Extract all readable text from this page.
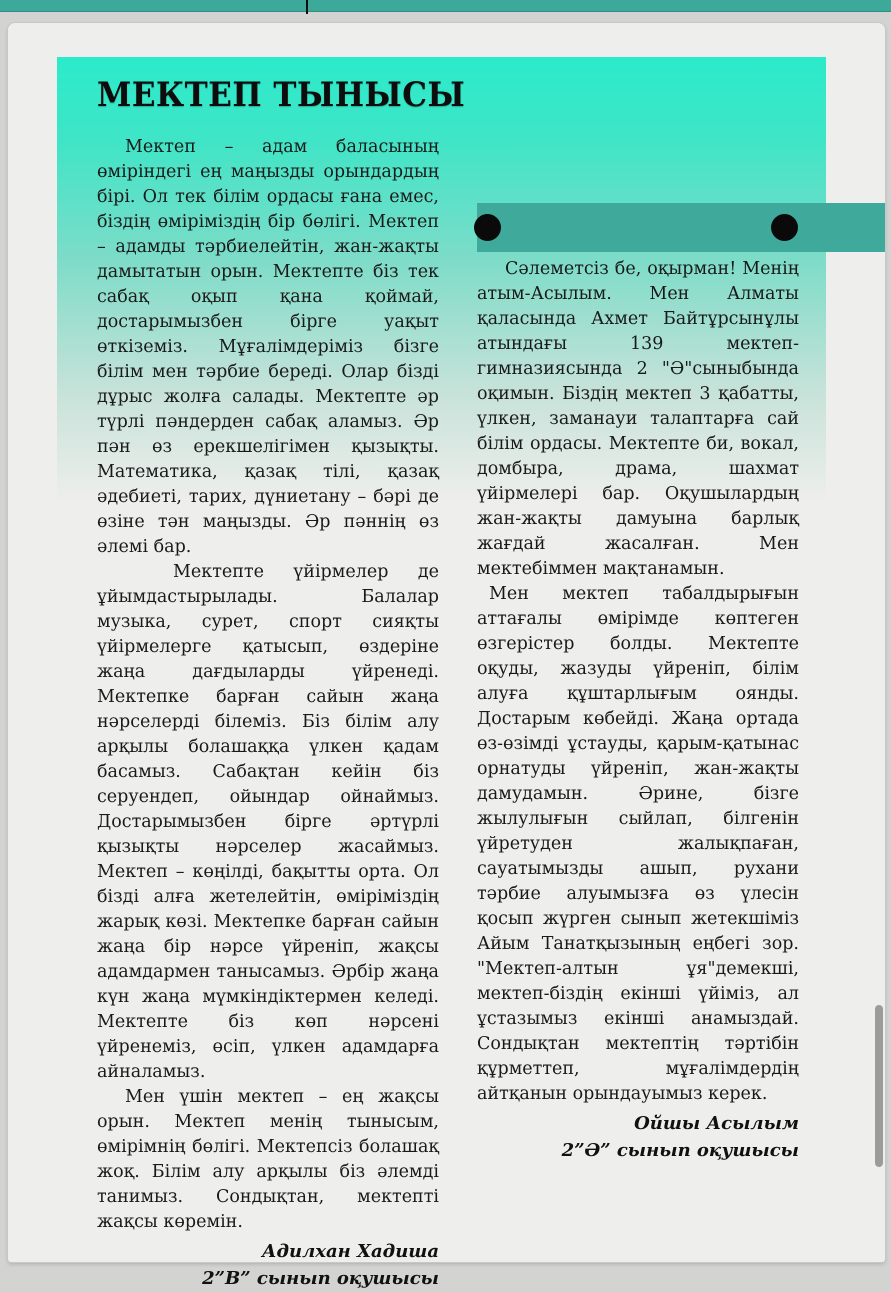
МЕКТЕП ТЫНЫСЫ

Мектеп – адам баласының өміріндегі ең маңызды орындардың бірі. Ол тек білім ордасы ғана емес, біздің өміріміздің бір бөлігі. Мектеп – адамды тәрбиелейтін, жан-жақты дамытатын орын. Мектепте біз тек сабақ оқып қана қоймай, достарымызбен бірге уақыт өткіземіз. Мұғалімдеріміз бізге білім мен тәрбие береді. Олар бізді дұрыс жолға салады. Мектепте әр түрлі пәндерден сабақ аламыз. Әр пән өз ерекшелігімен қызықты. Математика, қазақ тілі, қазақ әдебиеті, тарих, дүниетану – бәрі де өзіне тән маңызды. Әр пәннің өз әлемі бар.

Мектепте үйірмелер де ұйымдастырылады. Балалар музыка, сурет, спорт сияқты үйірмелерге қатысып, өздеріне жаңа дағдыларды үйренеді. Мектепке барған сайын жаңа нәрселерді білеміз. Біз білім алу арқылы болашаққа үлкен қадам басамыз. Сабақтан кейін біз серуендеп, ойындар ойнаймыз. Достарымызбен бірге әртүрлі қызықты нәрселер жасаймыз. Мектеп – көңілді, бақытты орта. Ол бізді алға жетелейтін, өміріміздің жарық көзі. Мектепке барған сайын жаңа бір нәрсе үйреніп, жақсы адамдармен танысамыз. Әрбір жаңа күн жаңа мүмкіндіктермен келеді. Мектепте біз көп нәрсені үйренеміз, өсіп, үлкен адамдарға айналамыз.

Мен үшін мектеп – ең жақсы орын. Мектеп менің тынысым, өмірімнің бөлігі. Мектепсіз болашақ жоқ. Білім алу арқылы біз әлемді танимыз. Сондықтан, мектепті жақсы көремін.

Адилхан Хадиша
2”В” сынып оқушысы

Сәлеметсіз бе, оқырман! Менің атым-Асылым. Мен Алматы қаласында Ахмет Байтұрсынұлы атындағы 139 мектеп-гимназиясында 2 "Ә"сыныбында оқимын. Біздің мектеп 3 қабатты, үлкен, заманауи талаптарға сай білім ордасы. Мектепте би, вокал, домбыра, драма, шахмат үйірмелері бар. Оқушылардың жан-жақты дамуына барлық жағдай жасалған. Мен мектебіммен мақтанамын.

Мен мектеп табалдырығын аттағалы өмірімде көптеген өзгерістер болды. Мектепте оқуды, жазуды үйреніп, білім алуға құштарлығым оянды. Достарым көбейді. Жаңа ортада өз-өзімді ұстауды, қарым-қатынас орнатуды үйреніп, жан-жақты дамудамын. Әрине, бізге жылулығын сыйлап, білгенін үйретуден жалықпаған, сауатымызды ашып, рухани тәрбие алуымызға өз үлесін қосып жүрген сынып жетекшіміз Айым Танатқызының еңбегі зор. "Мектеп-алтын ұя"демекші, мектеп-біздің екінші үйіміз, ал ұстазымыз екінші анамыздай. Сондықтан мектептің тәртібін құрметтеп, мұғалімдердің айтқанын орындауымыз керек.

Ойшы Асылым
2”Ә” сынып оқушысы
